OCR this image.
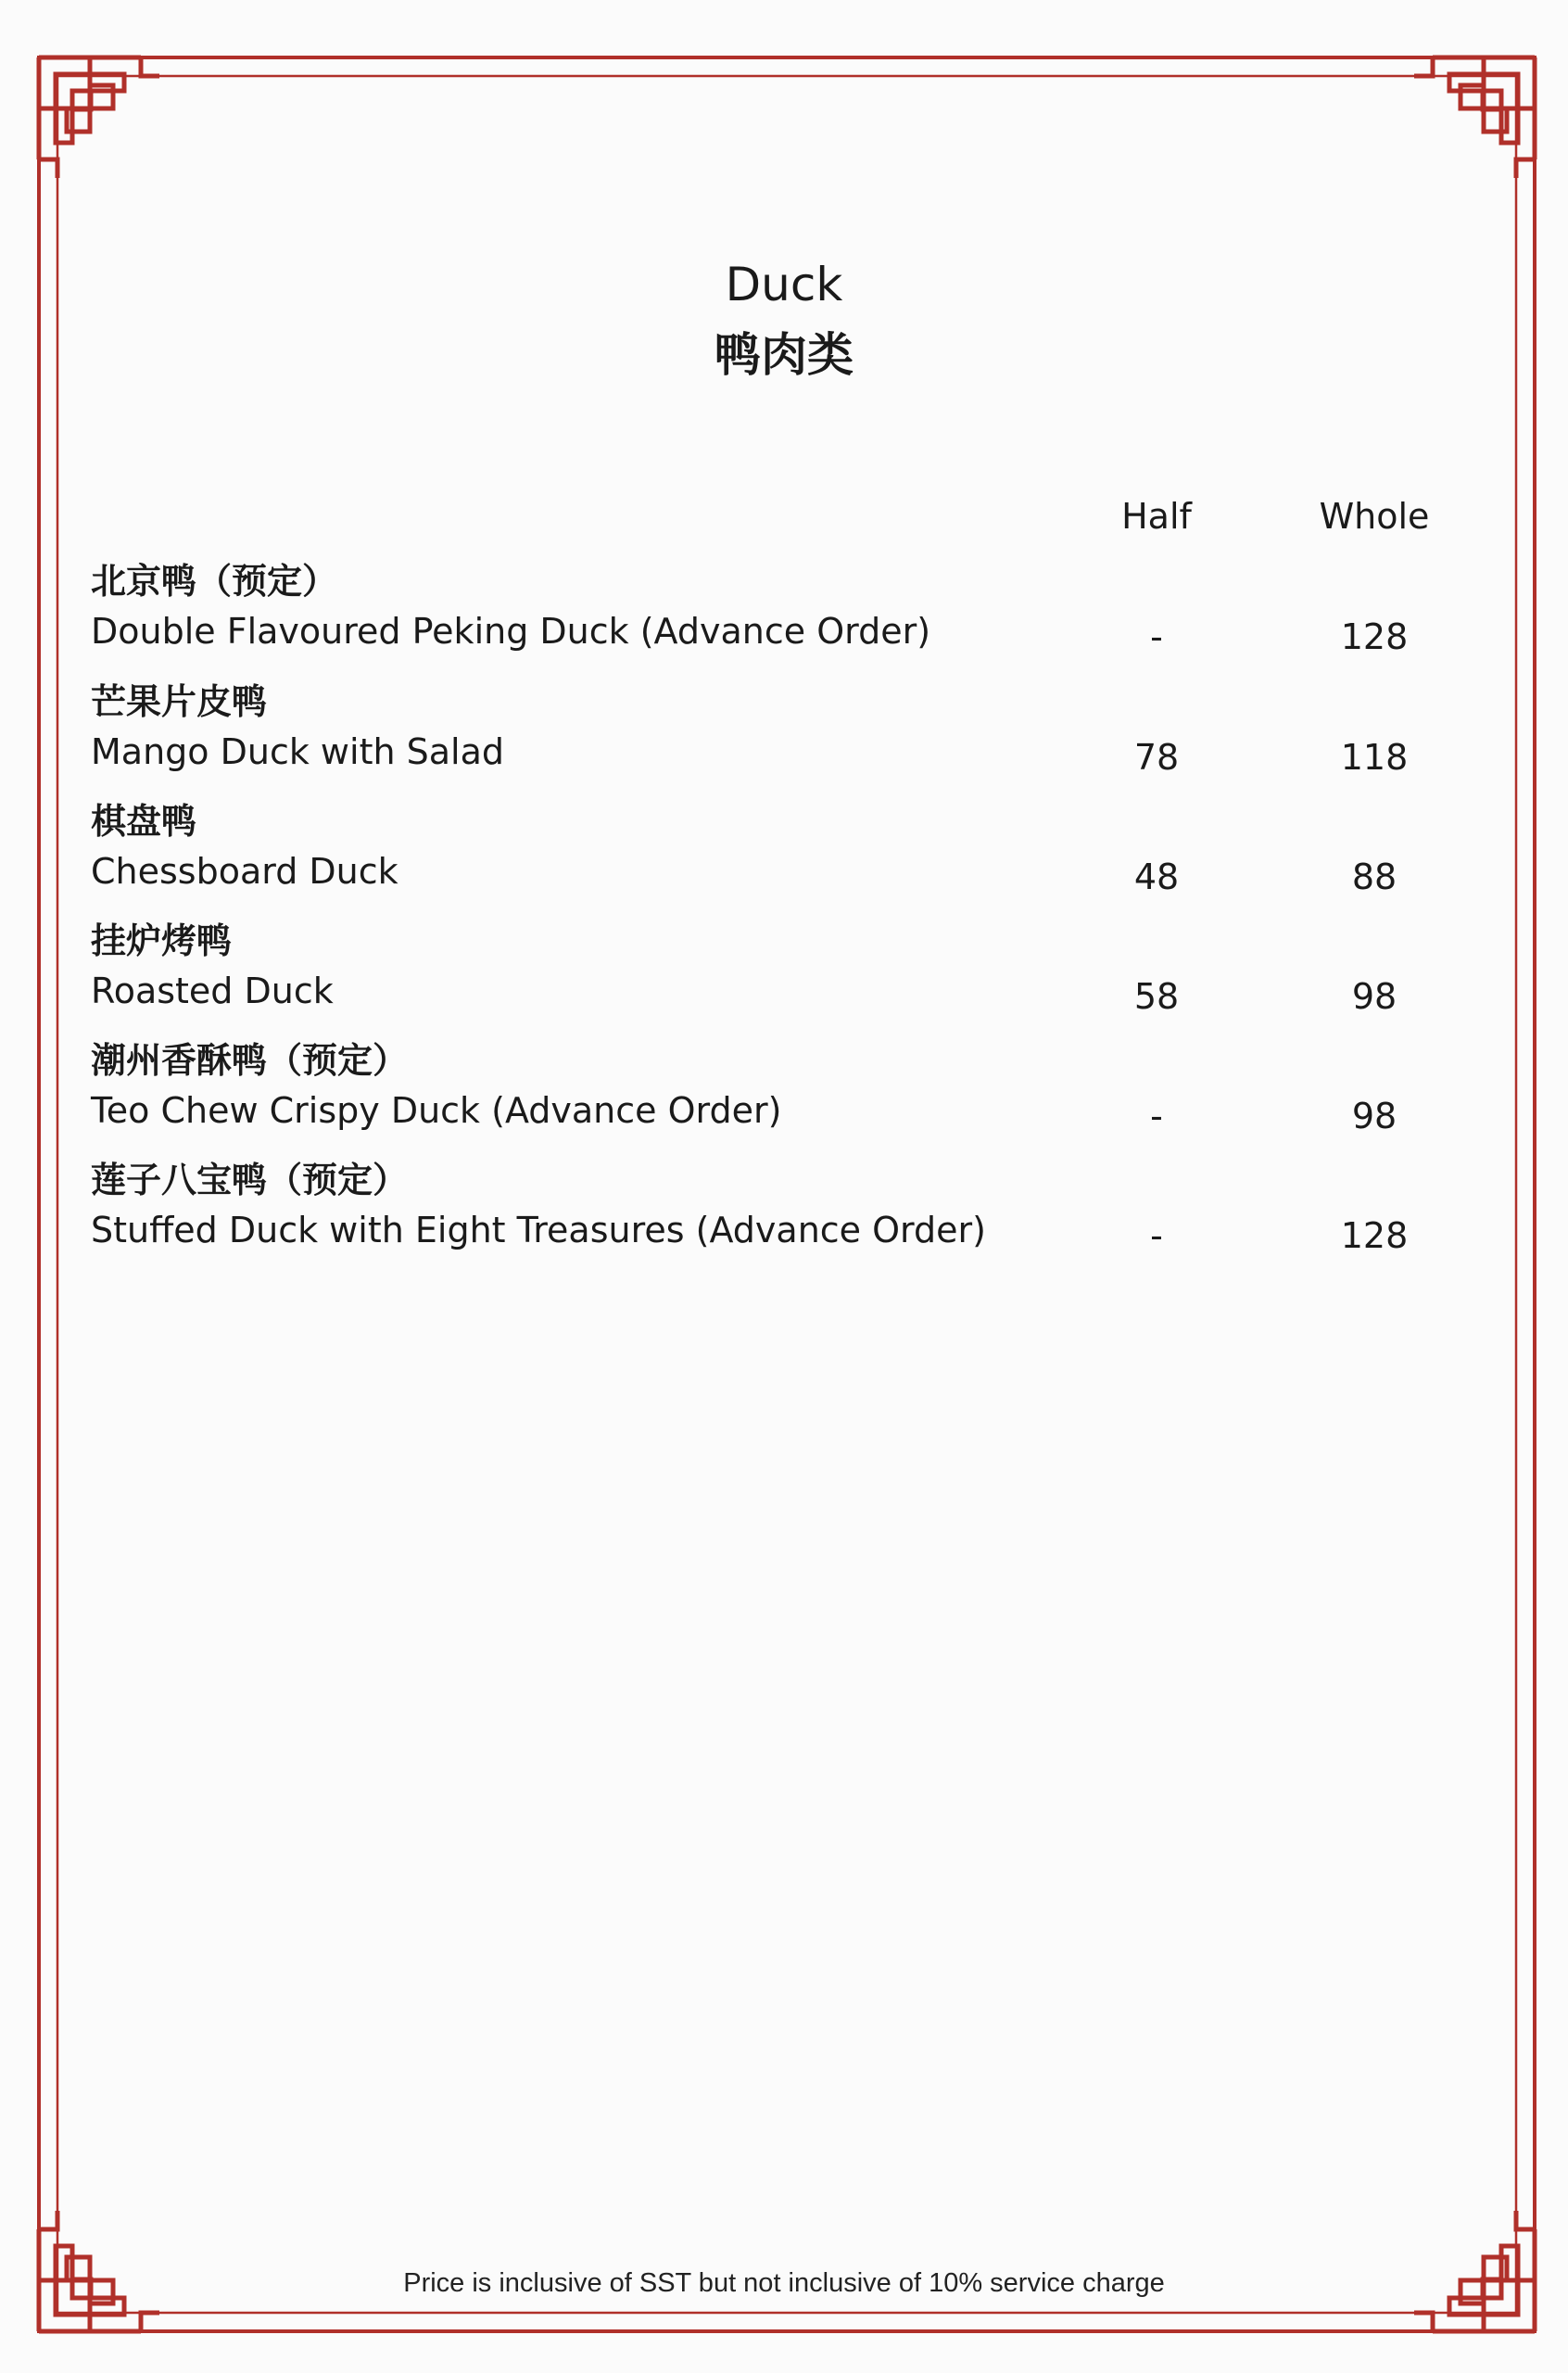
Duck
鸭肉类
Half	Whole
北京鸭（预定）
Double Flavoured Peking Duck (Advance Order)	-	128
芒果片皮鸭
Mango Duck with Salad	78	118
棋盘鸭
Chessboard Duck	48	88
挂炉烤鸭
Roasted Duck	58	98
潮州香酥鸭（预定）
Teo Chew Crispy Duck (Advance Order)	-	98
莲子八宝鸭（预定）
Stuffed Duck with Eight Treasures (Advance Order)	-	128
Price is inclusive of SST but not inclusive of 10% service charge
